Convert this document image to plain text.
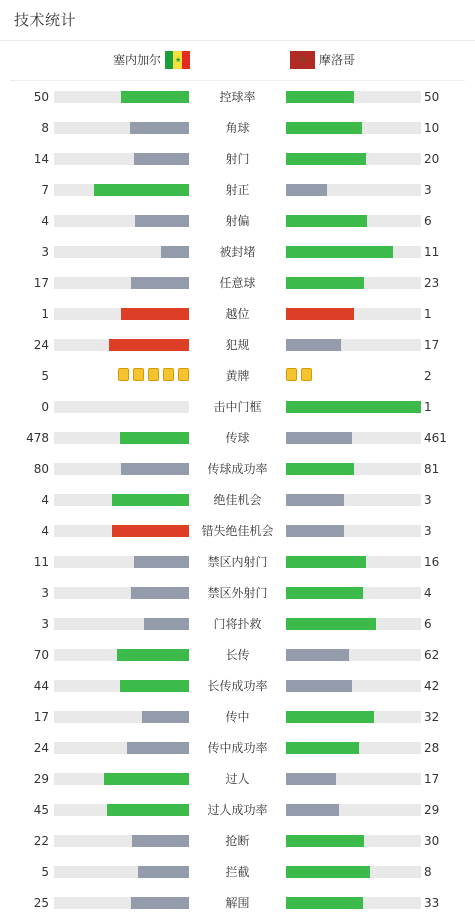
技术统计
塞内加尔 ★	✩ 摩洛哥
50	控球率	50
8	角球	10
14	射门	20
7	射正	3
4	射偏	6
3	被封堵	11
17	任意球	23
1	越位	1
24	犯规	17
5	黄牌	2
0	击中门框	1
478	传球	461
80	传球成功率	81
4	绝佳机会	3
4	错失绝佳机会	3
11	禁区内射门	16
3	禁区外射门	4
3	门将扑救	6
70	长传	62
44	长传成功率	42
17	传中	32
24	传中成功率	28
29	过人	17
45	过人成功率	29
22	抢断	30
5	拦截	8
25	解围	33
